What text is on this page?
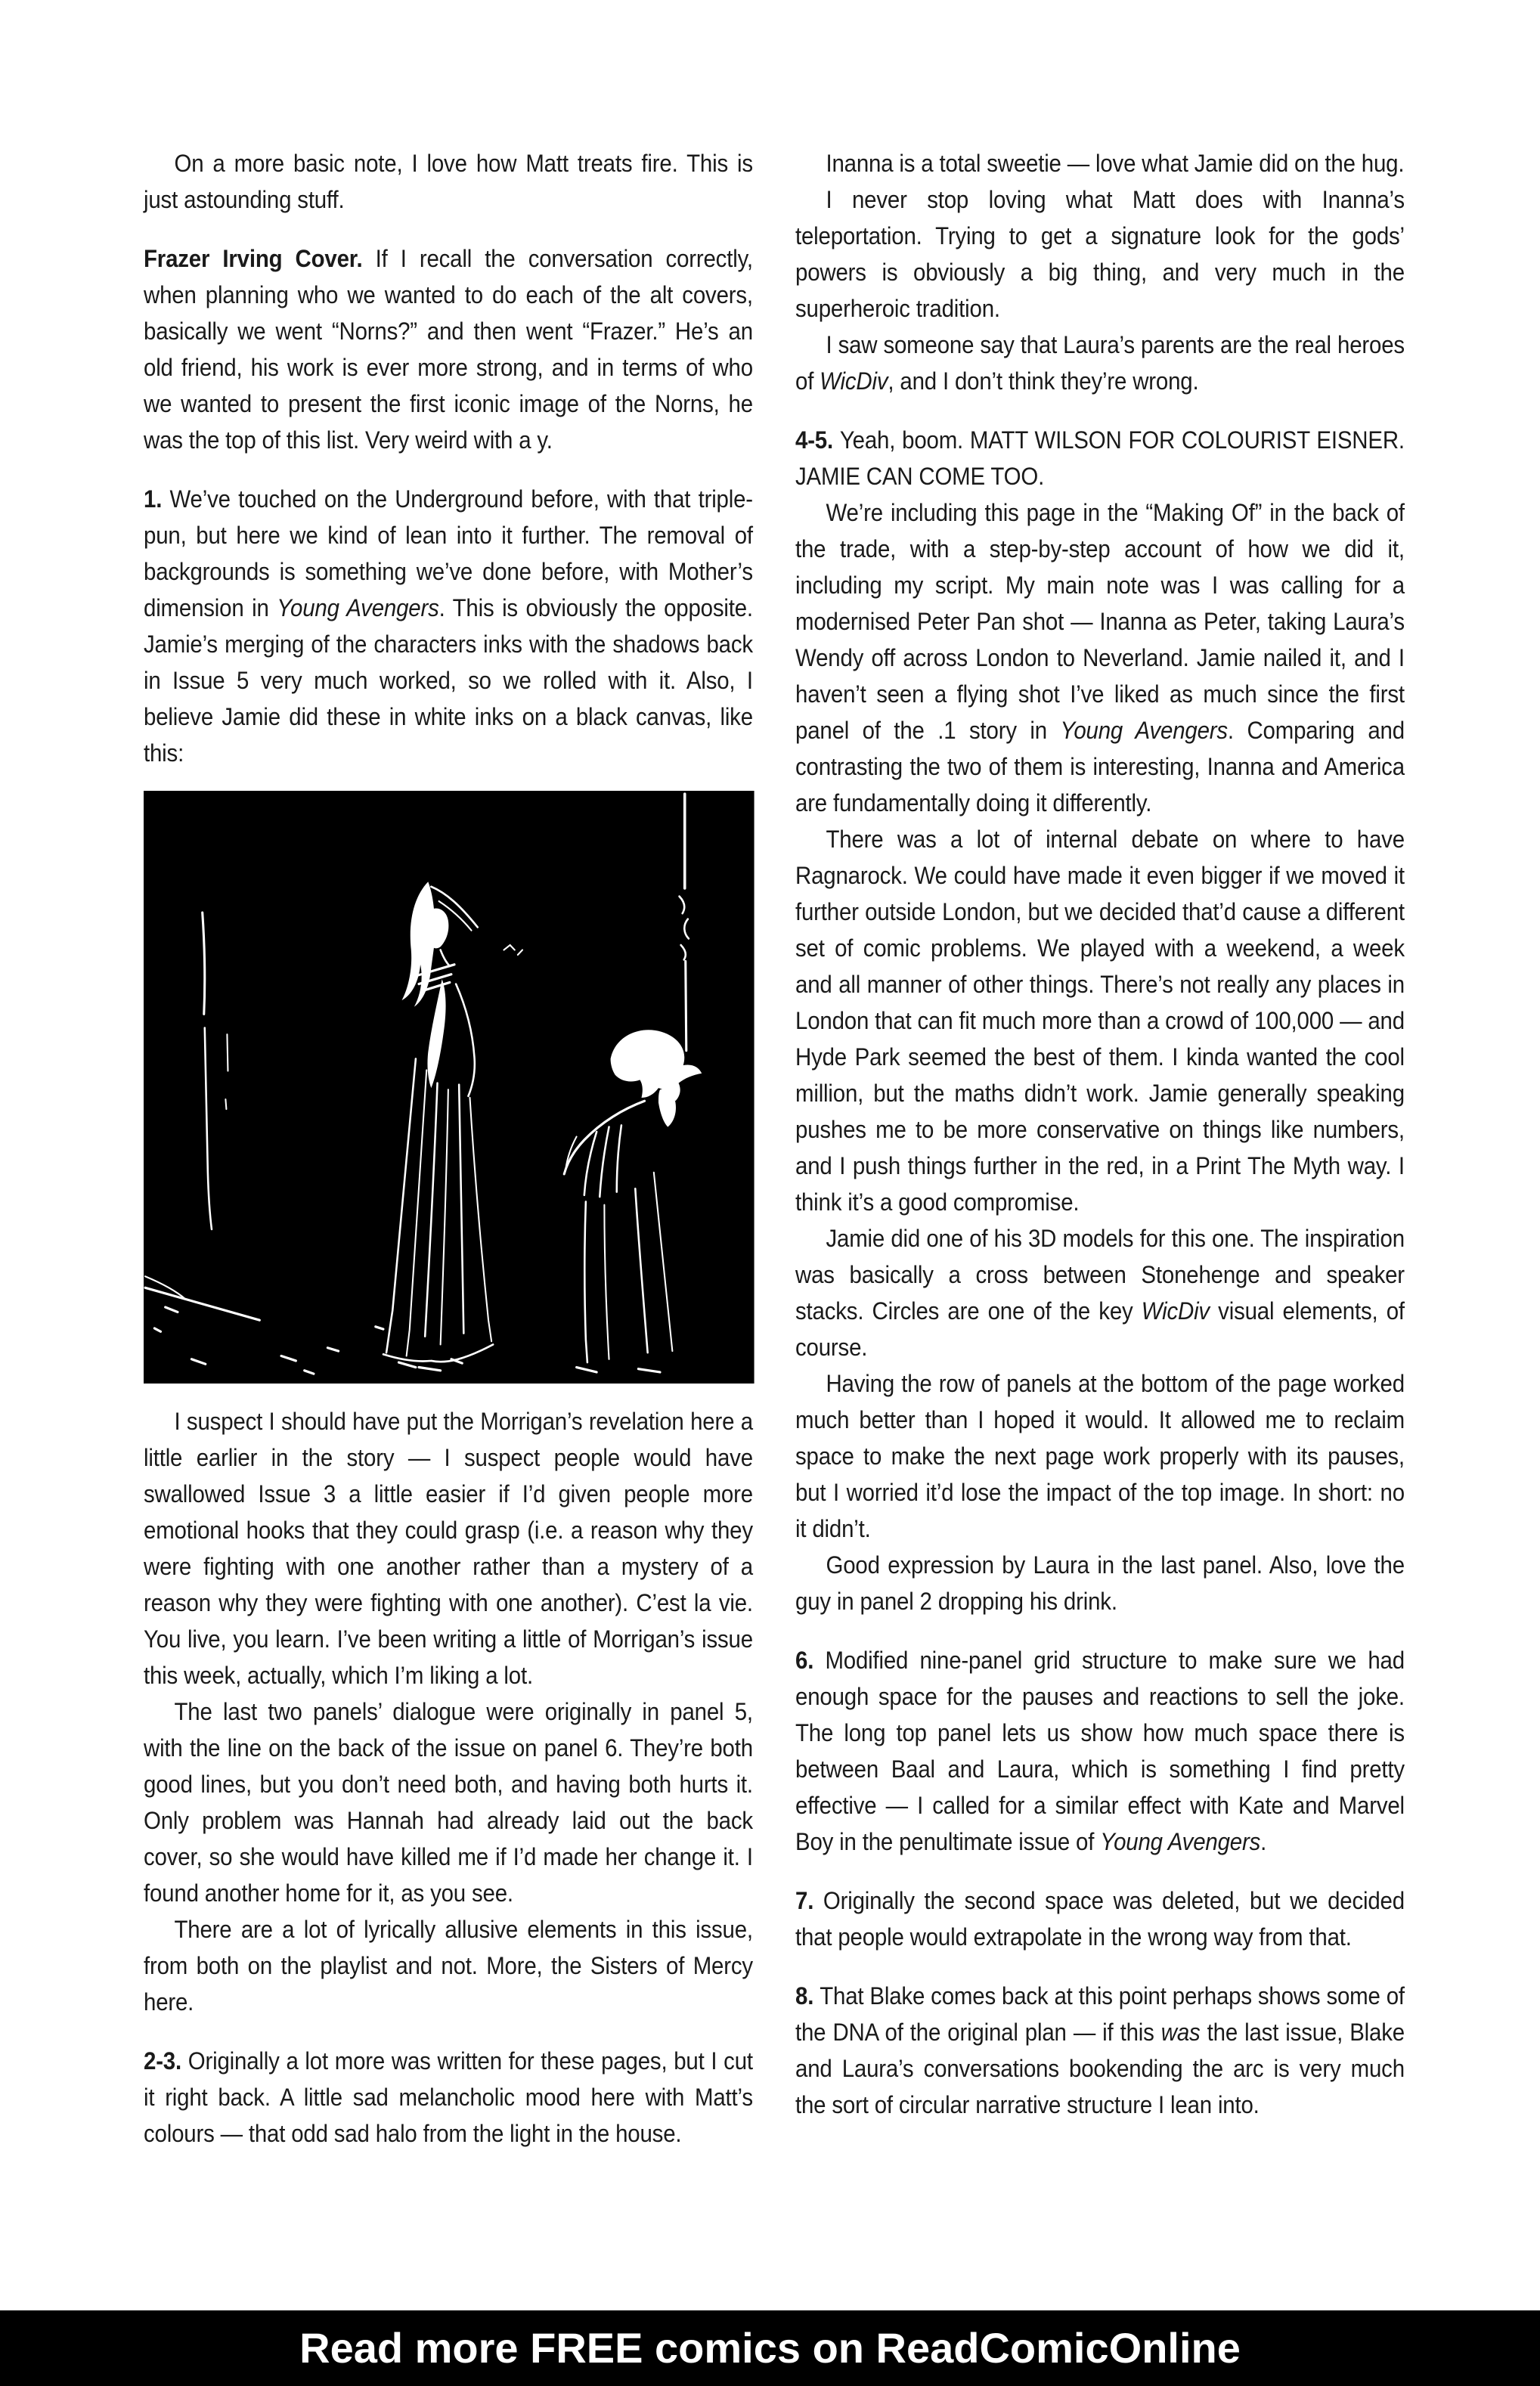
On a more basic note, I love how Matt treats fire. This is just astounding stuff.

Frazer Irving Cover. If I recall the conversation correctly, when planning who we wanted to do each of the alt covers, basically we went “Norns?” and then went “Frazer.” He’s an old friend, his work is ever more strong, and in terms of who we wanted to present the first iconic image of the Norns, he was the top of this list. Very weird with a y.

1. We’ve touched on the Underground before, with that triple-pun, but here we kind of lean into it further. The removal of backgrounds is something we’ve done before, with Mother’s dimension in Young Avengers. This is obviously the opposite. Jamie’s merging of the characters inks with the shadows back in Issue 5 very much worked, so we rolled with it. Also, I believe Jamie did these in white inks on a black canvas, like this:

I suspect I should have put the Morrigan’s revelation here a little earlier in the story — I suspect people would have swallowed Issue 3 a little easier if I’d given people more emotional hooks that they could grasp (i.e. a reason why they were fighting with one another rather than a mystery of a reason why they were fighting with one another). C’est la vie. You live, you learn. I’ve been writing a little of Morrigan’s issue this week, actually, which I’m liking a lot.

The last two panels’ dialogue were originally in panel 5, with the line on the back of the issue on panel 6. They’re both good lines, but you don’t need both, and having both hurts it. Only problem was Hannah had already laid out the back cover, so she would have killed me if I’d made her change it. I found another home for it, as you see.

There are a lot of lyrically allusive elements in this issue, from both on the playlist and not. More, the Sisters of Mercy here.

2-3. Originally a lot more was written for these pages, but I cut it right back. A little sad melancholic mood here with Matt’s colours — that odd sad halo from the light in the house.

Inanna is a total sweetie — love what Jamie did on the hug.

I never stop loving what Matt does with Inanna’s teleportation. Trying to get a signature look for the gods’ powers is obviously a big thing, and very much in the superheroic tradition.

I saw someone say that Laura’s parents are the real heroes of WicDiv, and I don’t think they’re wrong.

4-5. Yeah, boom. MATT WILSON FOR COLOURIST EISNER. JAMIE CAN COME TOO.

We’re including this page in the “Making Of” in the back of the trade, with a step-by-step account of how we did it, including my script. My main note was I was calling for a modernised Peter Pan shot — Inanna as Peter, taking Laura’s Wendy off across London to Neverland. Jamie nailed it, and I haven’t seen a flying shot I’ve liked as much since the first panel of the .1 story in Young Avengers. Comparing and contrasting the two of them is interesting, Inanna and America are fundamentally doing it differently.

There was a lot of internal debate on where to have Ragnarock. We could have made it even bigger if we moved it further outside London, but we decided that’d cause a different set of comic problems. We played with a weekend, a week and all manner of other things. There’s not really any places in London that can fit much more than a crowd of 100,000 — and Hyde Park seemed the best of them. I kinda wanted the cool million, but the maths didn’t work. Jamie generally speaking pushes me to be more conservative on things like numbers, and I push things further in the red, in a Print The Myth way. I think it’s a good compromise.

Jamie did one of his 3D models for this one. The inspiration was basically a cross between Stonehenge and speaker stacks. Circles are one of the key WicDiv visual elements, of course.

Having the row of panels at the bottom of the page worked much better than I hoped it would. It allowed me to reclaim space to make the next page work properly with its pauses, but I worried it’d lose the impact of the top image. In short: no it didn’t.

Good expression by Laura in the last panel. Also, love the guy in panel 2 dropping his drink.

6. Modified nine-panel grid structure to make sure we had enough space for the pauses and reactions to sell the joke. The long top panel lets us show how much space there is between Baal and Laura, which is something I find pretty effective — I called for a similar effect with Kate and Marvel Boy in the penultimate issue of Young Avengers.

7. Originally the second space was deleted, but we decided that people would extrapolate in the wrong way from that.

8. That Blake comes back at this point perhaps shows some of the DNA of the original plan — if this was the last issue, Blake and Laura’s conversations bookending the arc is very much the sort of circular narrative structure I lean into.

Read more FREE comics on ReadComicOnline
